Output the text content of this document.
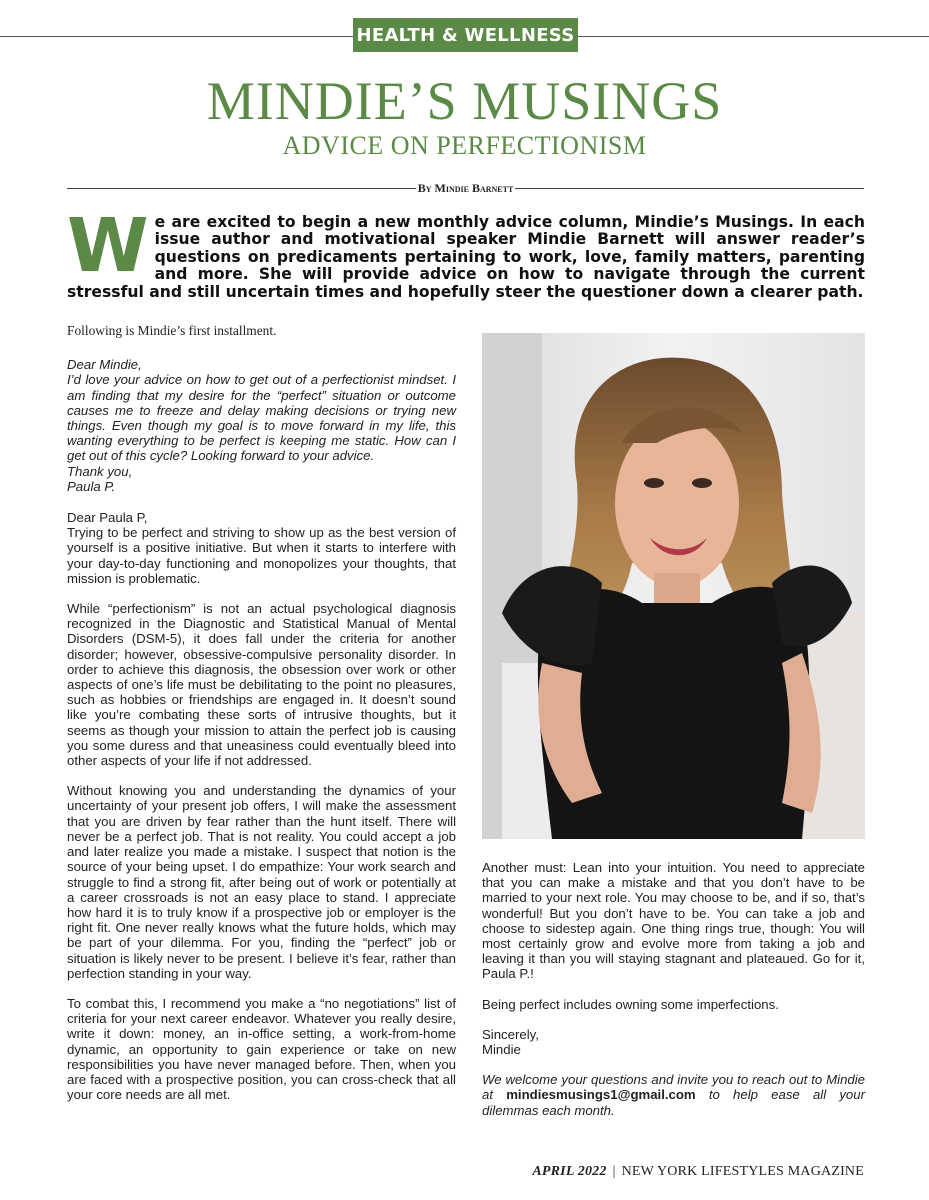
HEALTH & WELLNESS
MINDIE’S MUSINGS
ADVICE ON PERFECTIONISM
By Mindie Barnett
We are excited to begin a new monthly advice column, Mindie’s Musings. In each issue author and motivational speaker Mindie Barnett will answer reader’s questions on predicaments pertaining to work, love, family matters, parenting and more. She will provide advice on how to navigate through the current stressful and still uncertain times and hopefully steer the questioner down a clearer path.

Following is Mindie’s first installment.

Dear Mindie,
I’d love your advice on how to get out of a perfectionist mindset. I am finding that my desire for the “perfect” situation or outcome causes me to freeze and delay making decisions or trying new things. Even though my goal is to move forward in my life, this wanting everything to be perfect is keeping me static. How can I get out of this cycle? Looking forward to your advice.
Thank you,
Paula P.
Dear Paula P,

Trying to be perfect and striving to show up as the best version of yourself is a positive initiative. But when it starts to interfere with your day-to-day functioning and monopolizes your thoughts, that mission is problematic.

While “perfectionism” is not an actual psychological diagnosis recognized in the Diagnostic and Statistical Manual of Mental Disorders (DSM-5), it does fall under the criteria for another disorder; however, obsessive-compulsive personality disorder. In order to achieve this diagnosis, the obsession over work or other aspects of one’s life must be debilitating to the point no pleasures, such as hobbies or friendships are engaged in. It doesn’t sound like you’re combating these sorts of intrusive thoughts, but it seems as though your mission to attain the perfect job is causing you some duress and that uneasiness could eventually bleed into other aspects of your life if not addressed.

Without knowing you and understanding the dynamics of your uncertainty of your present job offers, I will make the assessment that you are driven by fear rather than the hunt itself. There will never be a perfect job. That is not reality. You could accept a job and later realize you made a mistake. I suspect that notion is the source of your being upset. I do empathize: Your work search and struggle to find a strong fit, after being out of work or potentially at a career crossroads is not an easy place to stand. I appreciate how hard it is to truly know if a prospective job or employer is the right fit. One never really knows what the future holds, which may be part of your dilemma. For you, finding the “perfect” job or situation is likely never to be present. I believe it’s fear, rather than perfection standing in your way.

To combat this, I recommend you make a “no negotiations” list of criteria for your next career endeavor. Whatever you really desire, write it down: money, an in-office setting, a work-from-home dynamic, an opportunity to gain experience or take on new responsibilities you have never managed before. Then, when you are faced with a prospective position, you can cross-check that all your core needs are all met.

Another must: Lean into your intuition. You need to appreciate that you can make a mistake and that you don’t have to be married to your next role. You may choose to be, and if so, that’s wonderful! But you don’t have to be. You can take a job and choose to sidestep again. One thing rings true, though: You will most certainly grow and evolve more from taking a job and leaving it than you will staying stagnant and plateaued. Go for it, Paula P.!

Being perfect includes owning some imperfections.

Sincerely,
Mindie

We welcome your questions and invite you to reach out to Mindie at mindiesmusings1@gmail.com to help ease all your dilemmas each month.

APRIL 2022 | NEW YORK LIFESTYLES MAGAZINE
